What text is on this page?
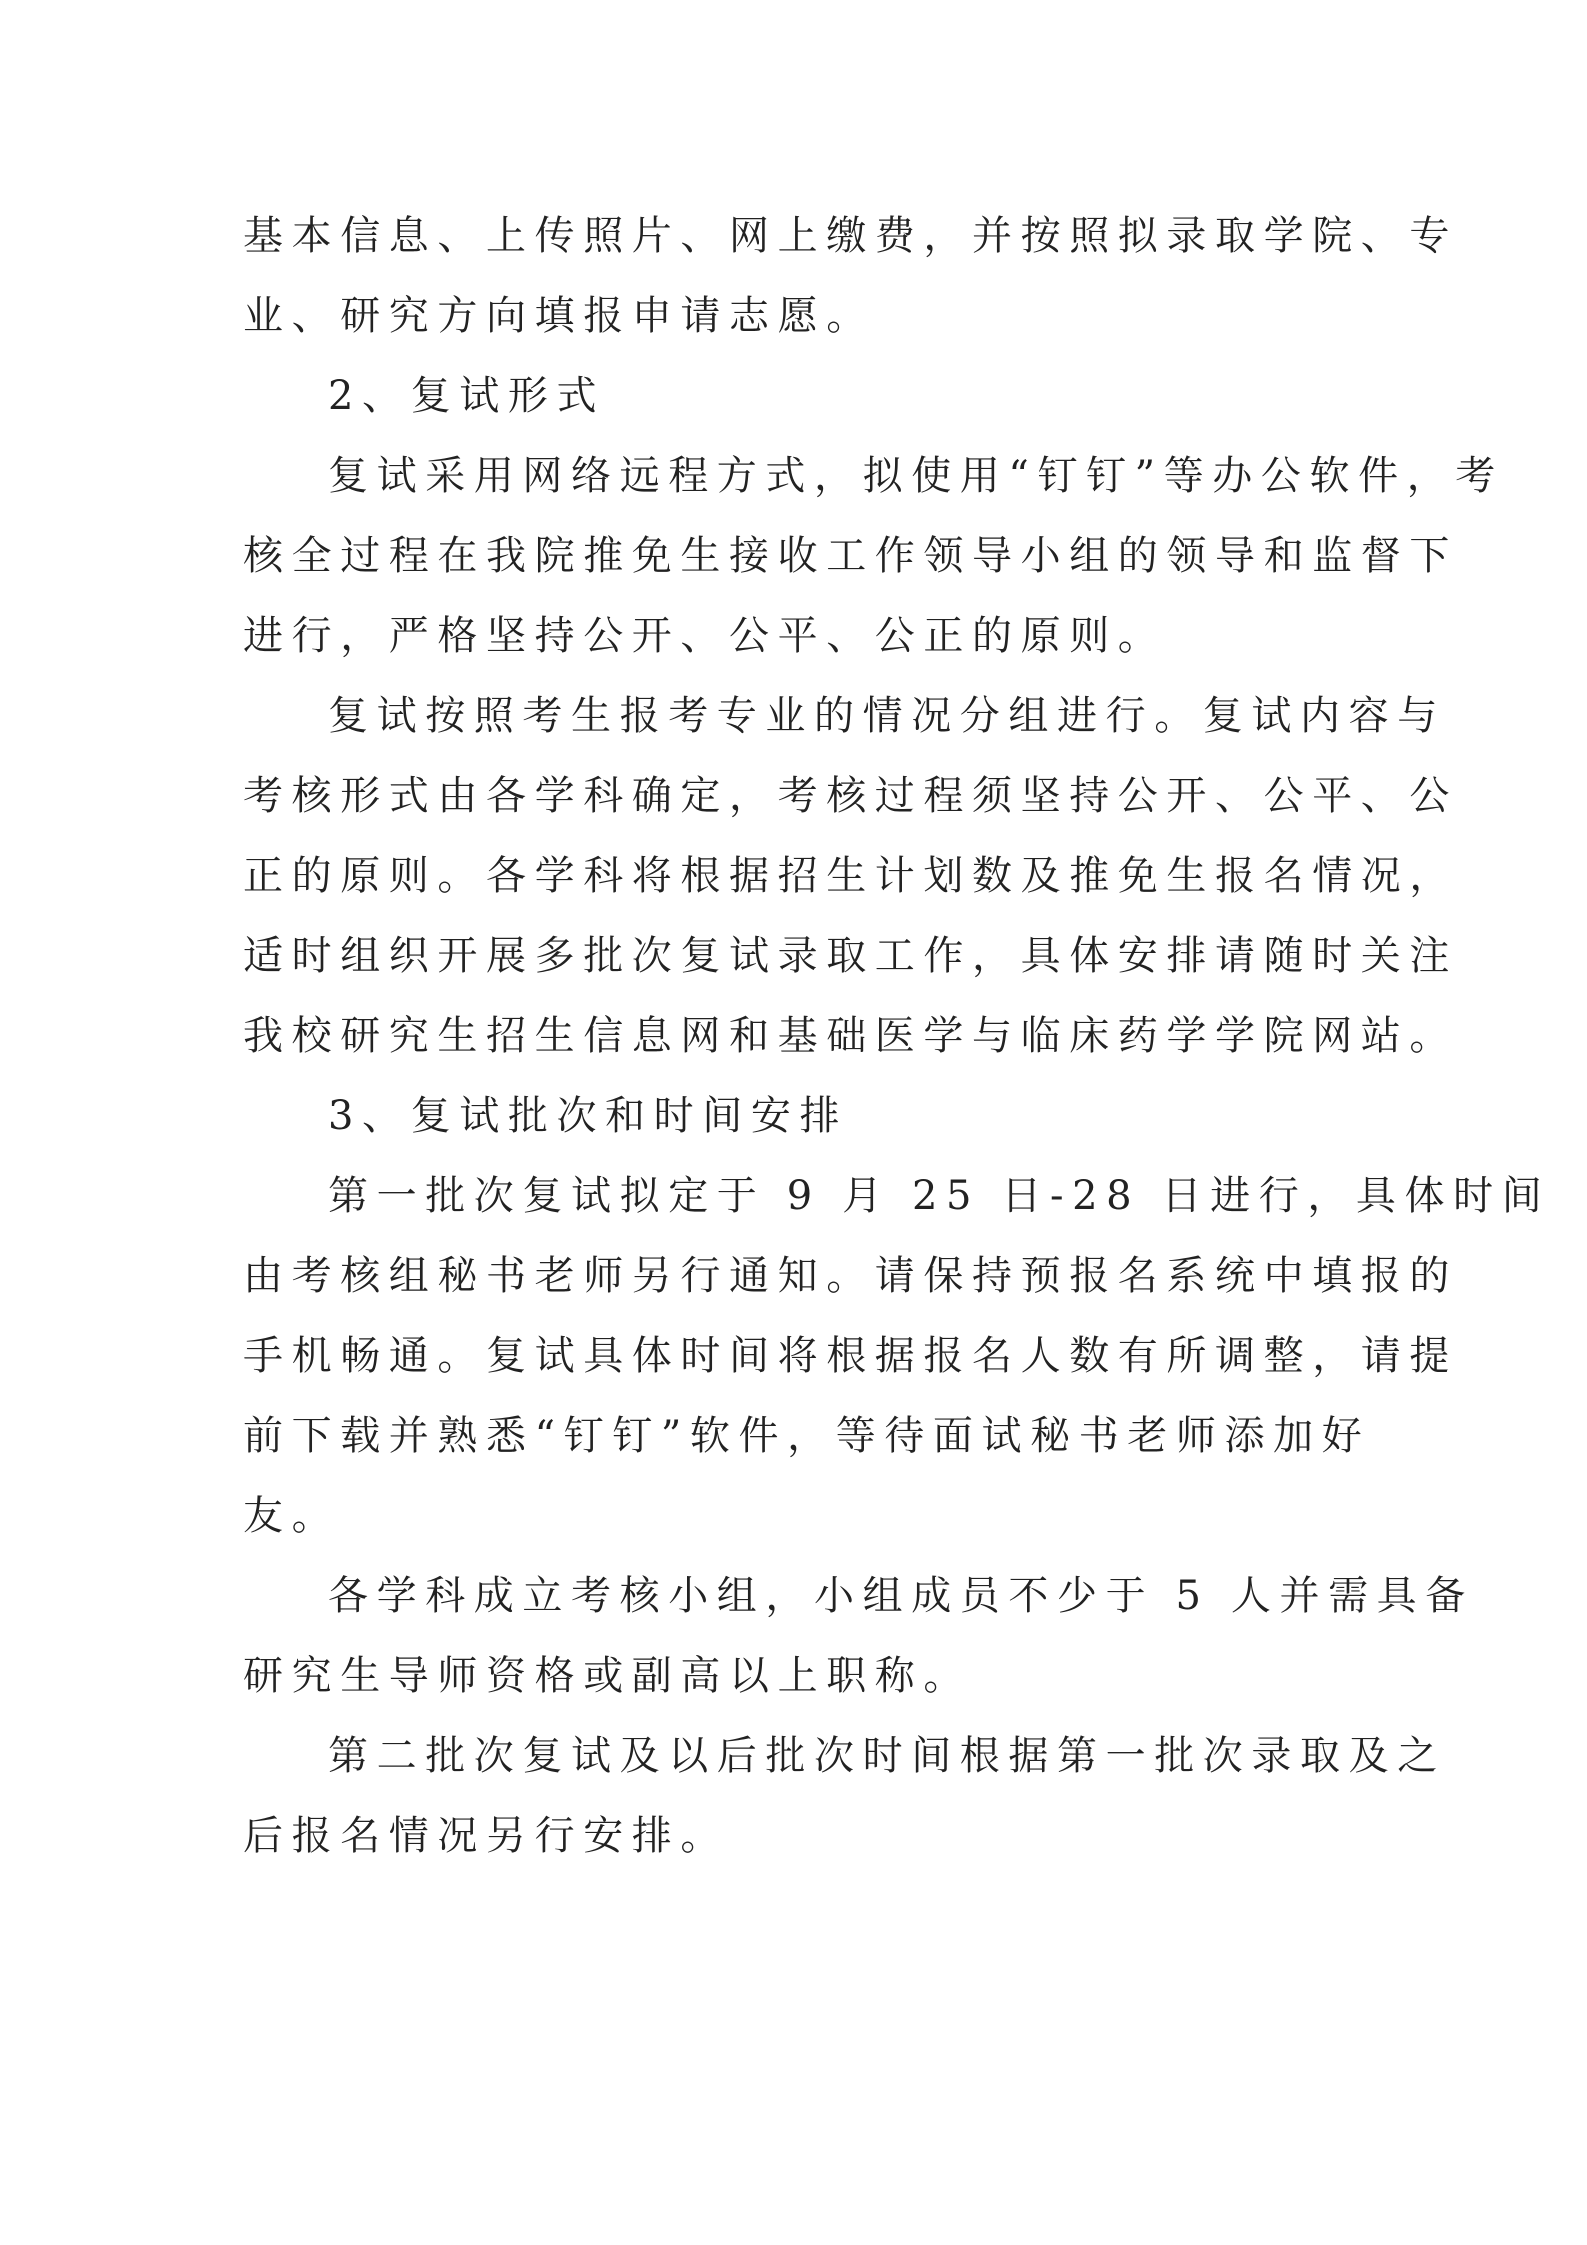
基本信息、上传照片、网上缴费，并按照拟录取学院、专
业、研究方向填报申请志愿。
2、复试形式
复试采用网络远程方式，拟使用“钉钉”等办公软件，考
核全过程在我院推免生接收工作领导小组的领导和监督下
进行，严格坚持公开、公平、公正的原则。
复试按照考生报考专业的情况分组进行。复试内容与
考核形式由各学科确定，考核过程须坚持公开、公平、公
正的原则。各学科将根据招生计划数及推免生报名情况，
适时组织开展多批次复试录取工作，具体安排请随时关注
我校研究生招生信息网和基础医学与临床药学学院网站。
3、复试批次和时间安排
第一批次复试拟定于 9 月 25 日-28 日进行，具体时间
由考核组秘书老师另行通知。请保持预报名系统中填报的
手机畅通。复试具体时间将根据报名人数有所调整，请提
前下载并熟悉“钉钉”软件，等待面试秘书老师添加好
友。
各学科成立考核小组，小组成员不少于 5 人并需具备
研究生导师资格或副高以上职称。
第二批次复试及以后批次时间根据第一批次录取及之
后报名情况另行安排。
